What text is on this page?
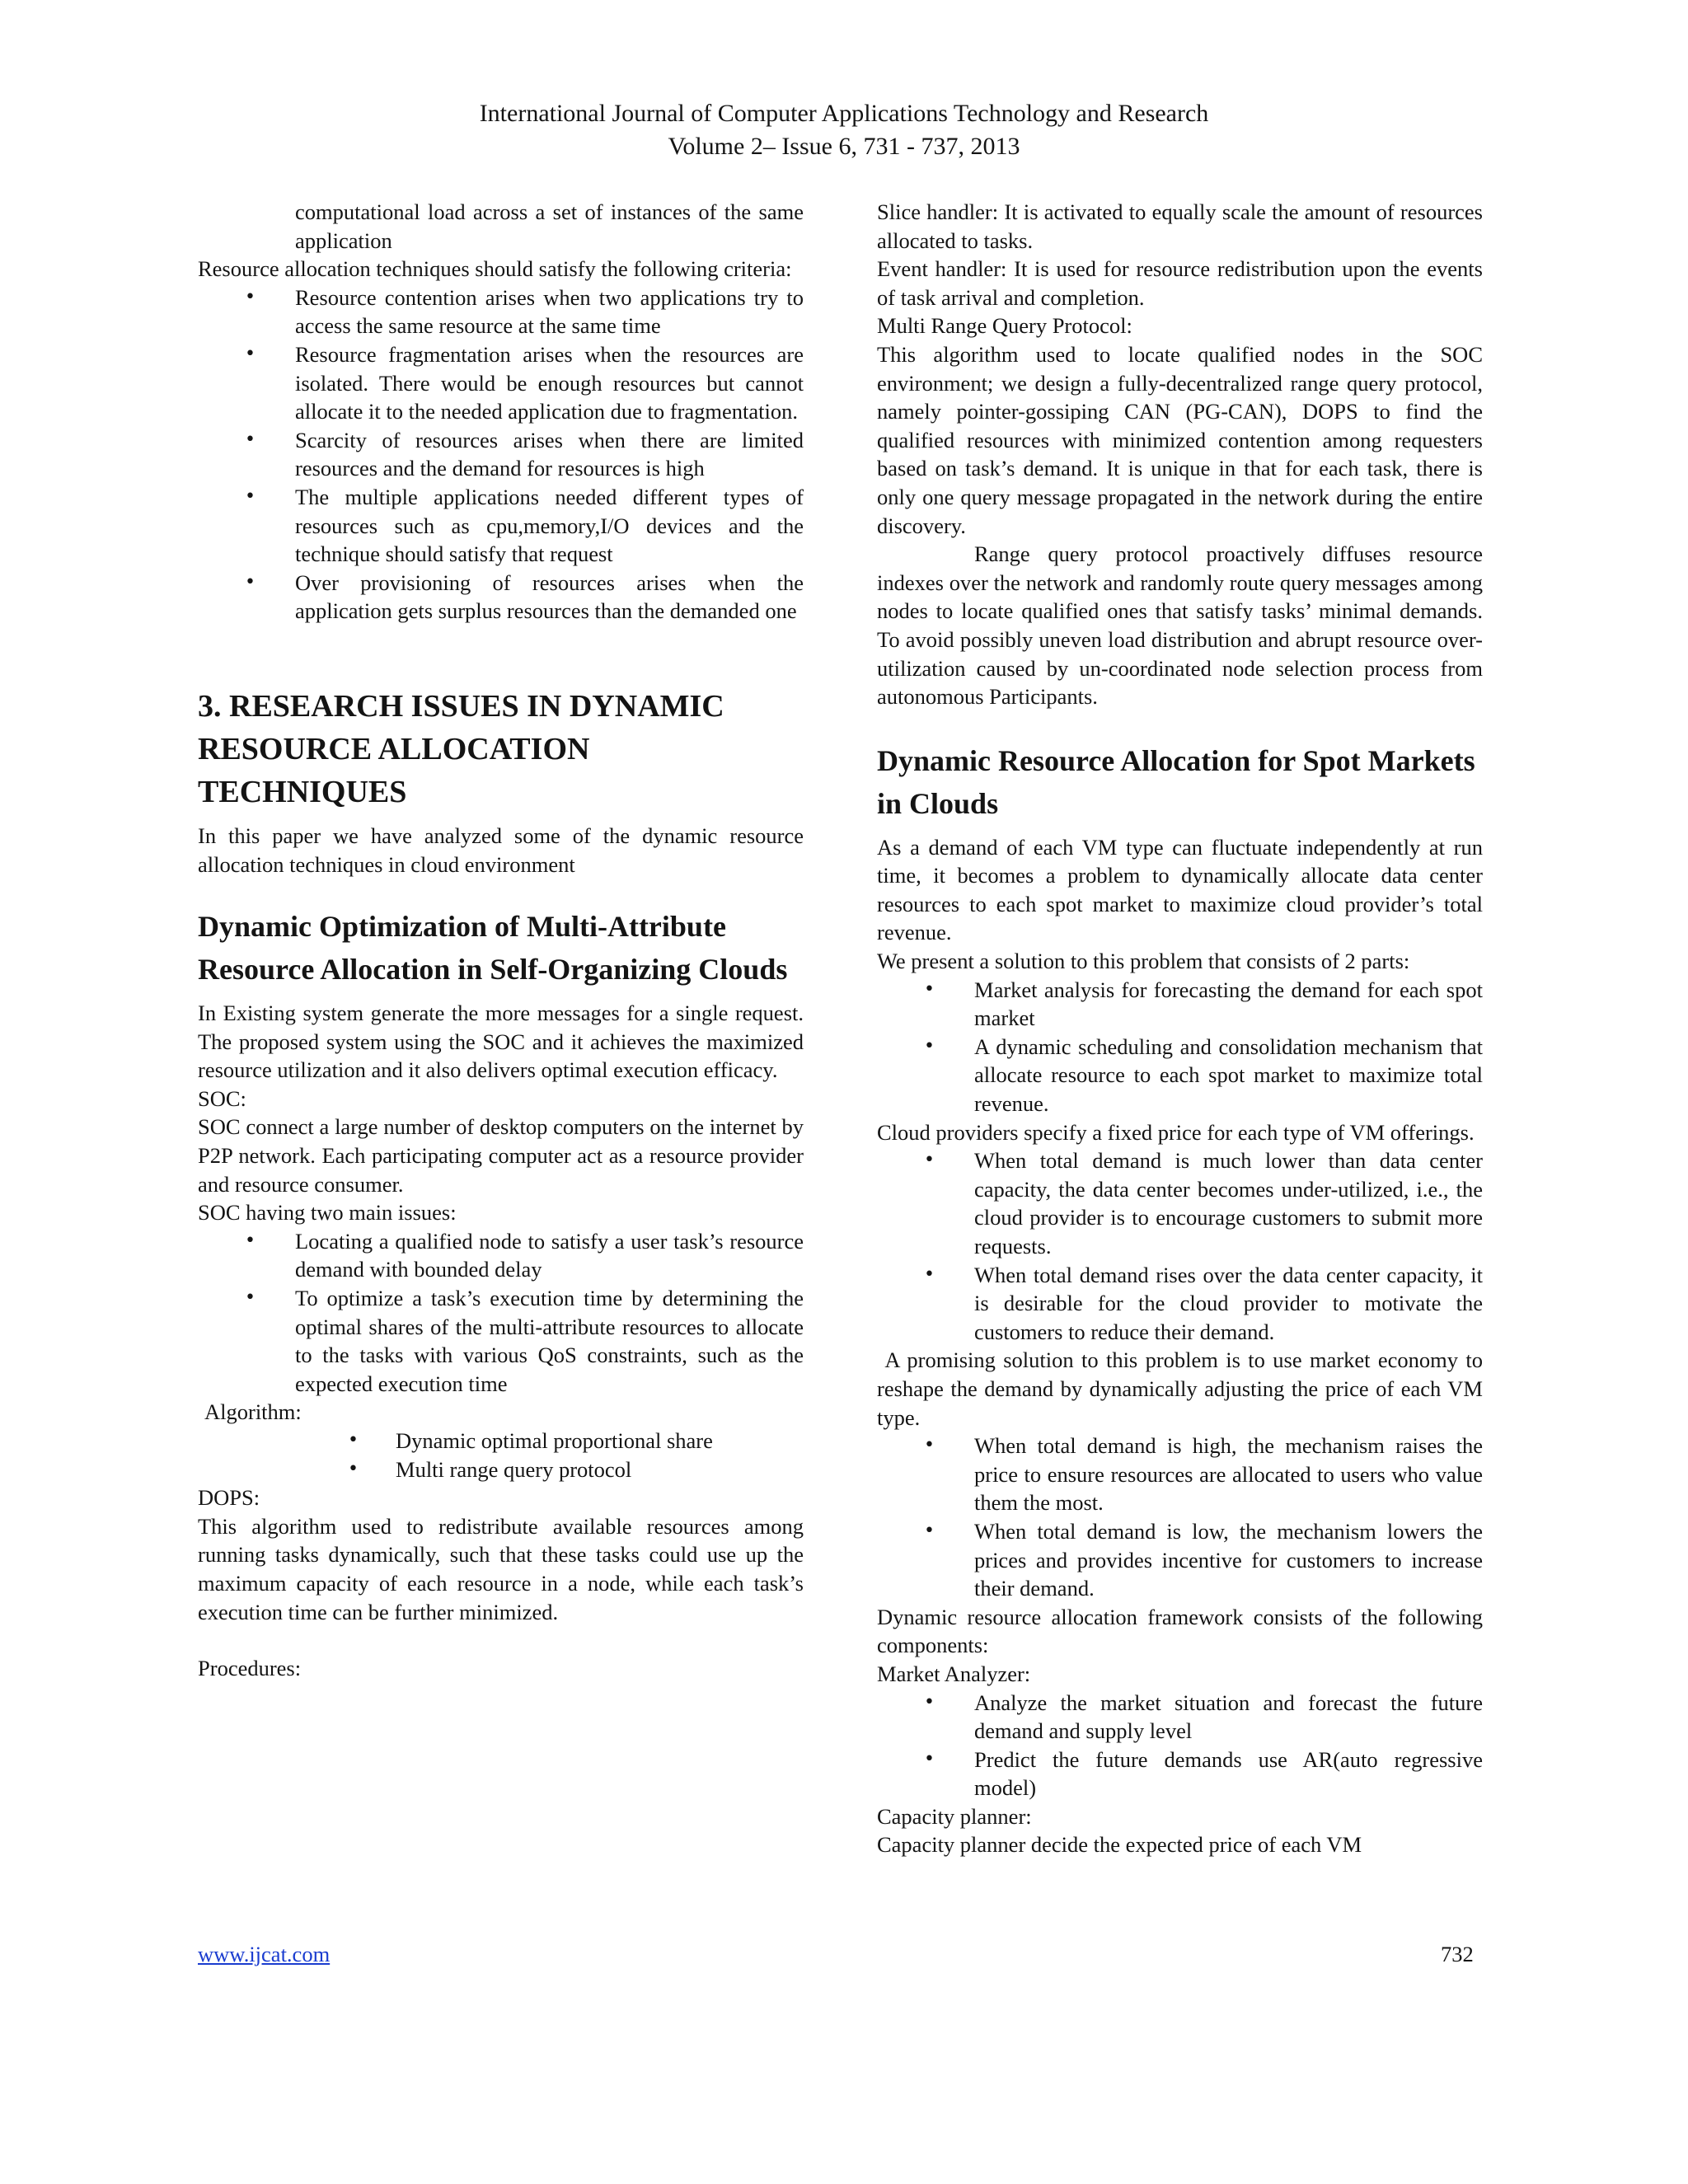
International Journal of Computer Applications Technology and Research
Volume 2– Issue 6, 731 - 737, 2013

computational load across a set of instances of the same application

Resource allocation techniques should satisfy the following criteria:

• Resource contention arises when two applications try to access the same resource at the same time
• Resource fragmentation arises when the resources are isolated. There would be enough resources but cannot allocate it to the needed application due to fragmentation.
• Scarcity of resources arises when there are limited resources and the demand for resources is high
• The multiple applications needed different types of resources such as cpu,memory,I/O devices and the technique should satisfy that request
• Over provisioning of resources arises when the application gets surplus resources than the demanded one
3. RESEARCH ISSUES IN DYNAMIC RESOURCE ALLOCATION TECHNIQUES

In this paper we have analyzed some of the dynamic resource allocation techniques in cloud environment

Dynamic Optimization of Multi-Attribute Resource Allocation in Self-Organizing Clouds

In Existing system generate the more messages for a single request. The proposed system using the SOC and it achieves the maximized resource utilization and it also delivers optimal execution efficacy.

SOC:

SOC connect a large number of desktop computers on the internet by P2P network. Each participating computer act as a resource provider and resource consumer.

SOC having two main issues:

• Locating a qualified node to satisfy a user task’s resource demand with bounded delay
• To optimize a task’s execution time by determining the optimal shares of the multi-attribute resources to allocate to the tasks with various QoS constraints, such as the expected execution time

Algorithm:

• Dynamic optimal proportional share
• Multi range query protocol

DOPS:

This algorithm used to redistribute available resources among running tasks dynamically, such that these tasks could use up the maximum capacity of each resource in a node, while each task’s execution time can be further minimized.

Procedures:

Slice handler: It is activated to equally scale the amount of resources allocated to tasks.

Event handler: It is used for resource redistribution upon the events of task arrival and completion.

Multi Range Query Protocol:

This algorithm used to locate qualified nodes in the SOC environment; we design a fully-decentralized range query protocol, namely pointer-gossiping CAN (PG-CAN), DOPS to find the qualified resources with minimized contention among requesters based on task’s demand. It is unique in that for each task, there is only one query message propagated in the network during the entire discovery.

Range query protocol proactively diffuses resource indexes over the network and randomly route query messages among nodes to locate qualified ones that satisfy tasks’ minimal demands. To avoid possibly uneven load distribution and abrupt resource over-utilization caused by un-coordinated node selection process from autonomous Participants.

Dynamic Resource Allocation for Spot Markets in Clouds

As a demand of each VM type can fluctuate independently at run time, it becomes a problem to dynamically allocate data center resources to each spot market to maximize cloud provider’s total revenue.

We present a solution to this problem that consists of 2 parts:

• Market analysis for forecasting the demand for each spot market
• A dynamic scheduling and consolidation mechanism that allocate resource to each spot market to maximize total revenue.

Cloud providers specify a fixed price for each type of VM offerings.

• When total demand is much lower than data center capacity, the data center becomes under-utilized, i.e., the cloud provider is to encourage customers to submit more requests.
• When total demand rises over the data center capacity, it is desirable for the cloud provider to motivate the customers to reduce their demand.

A promising solution to this problem is to use market economy to reshape the demand by dynamically adjusting the price of each VM type.

• When total demand is high, the mechanism raises the price to ensure resources are allocated to users who value them the most.
• When total demand is low, the mechanism lowers the prices and provides incentive for customers to increase their demand.

Dynamic resource allocation framework consists of the following components:

Market Analyzer:

• Analyze the market situation and forecast the future demand and supply level
• Predict the future demands use AR(auto regressive model)

Capacity planner:

Capacity planner decide the expected price of each VM

www.ijcat.com	732
